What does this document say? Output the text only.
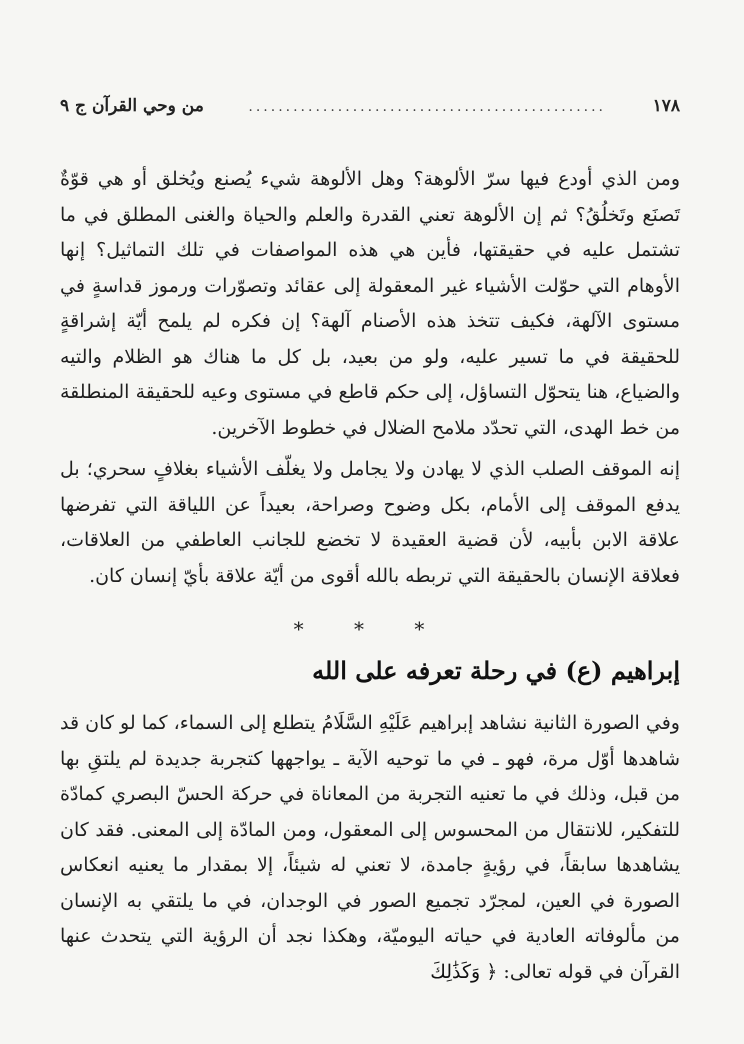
١٧٨
................................................
من وحي القرآن ج ٩

ومن الذي أودع فيها سرّ الألوهة؟ وهل الألوهة شيء يُصنع ويُخلق أو هي قوّةٌ تَصنَع وتَخلُقُ؟ ثم إن الألوهة تعني القدرة والعلم والحياة والغنى المطلق في ما تشتمل عليه في حقيقتها، فأين هي هذه المواصفات في تلك التماثيل؟ إنها الأوهام التي حوّلت الأشياء غير المعقولة إلى عقائد وتصوّرات ورموز قداسةٍ في مستوى الآلهة، فكيف تتخذ هذه الأصنام آلهة؟ إن فكره لم يلمح أيّة إشراقةٍ للحقيقة في ما تسير عليه، ولو من بعيد، بل كل ما هناك هو الظلام والتيه والضياع، هنا يتحوّل التساؤل، إلى حكم قاطع في مستوى وعيه للحقيقة المنطلقة من خط الهدى، التي تحدّد ملامح الضلال في خطوط الآخرين.

إنه الموقف الصلب الذي لا يهادن ولا يجامل ولا يغلّف الأشياء بغلافٍ سحري؛ بل يدفع الموقف إلى الأمام، بكل وضوح وصراحة، بعيداً عن اللياقة التي تفرضها علاقة الابن بأبيه، لأن قضية العقيدة لا تخضع للجانب العاطفي من العلاقات، فعلاقة الإنسان بالحقيقة التي تربطه بالله أقوى من أيّة علاقة بأيّ إنسان كان.

* * *
إبراهيم (ع) في رحلة تعرفه على الله

وفي الصورة الثانية نشاهد إبراهيم عَلَيْهِ السَّلَامُ يتطلع إلى السماء، كما لو كان قد شاهدها أوّل مرة، فهو ـ في ما توحيه الآية ـ يواجهها كتجربة جديدة لم يلتقِ بها من قبل، وذلك في ما تعنيه التجربة من المعاناة في حركة الحسّ البصري كمادّة للتفكير، للانتقال من المحسوس إلى المعقول، ومن المادّة إلى المعنى. فقد كان يشاهدها سابقاً، في رؤيةٍ جامدة، لا تعني له شيئاً، إلا بمقدار ما يعنيه انعكاس الصورة في العين، لمجرّد تجميع الصور في الوجدان، في ما يلتقي به الإنسان من مألوفاته العادية في حياته اليوميّة، وهكذا نجد أن الرؤية التي يتحدث عنها القرآن في قوله تعالى: ﴿ وَكَذَٰلِكَ
